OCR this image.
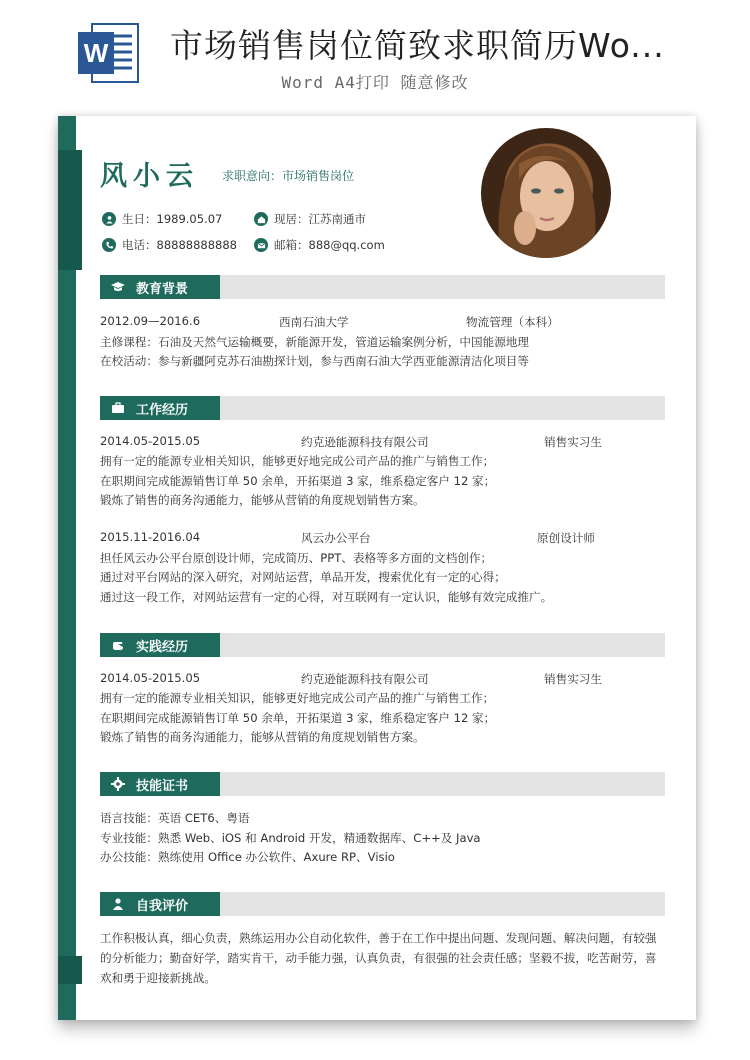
W 市场销售岗位简致求职简历Wo...
Word A4打印 随意修改
风小云 求职意向：市场销售岗位
生日：1989.05.07	现居：江苏南通市
电话：88888888888	邮箱：888@qq.com
教育背景
2012.09—2016.6	西南石油大学	物流管理（本科）
主修课程：石油及天然气运输概要，新能源开发，管道运输案例分析，中国能源地理
在校活动：参与新疆阿克苏石油勘探计划，参与西南石油大学西亚能源清洁化项目等
工作经历
2014.05-2015.05	约克逊能源科技有限公司	销售实习生
拥有一定的能源专业相关知识，能够更好地完成公司产品的推广与销售工作；
在职期间完成能源销售订单 50 余单，开拓渠道 3 家，维系稳定客户 12 家；
锻炼了销售的商务沟通能力，能够从营销的角度规划销售方案。
2015.11-2016.04	风云办公平台	原创设计师
担任风云办公平台原创设计师，完成简历、PPT、表格等多方面的文档创作；
通过对平台网站的深入研究，对网站运营，单品开发，搜索优化有一定的心得；
通过这一段工作，对网站运营有一定的心得，对互联网有一定认识，能够有效完成推广。
实践经历
2014.05-2015.05	约克逊能源科技有限公司	销售实习生
拥有一定的能源专业相关知识，能够更好地完成公司产品的推广与销售工作；
在职期间完成能源销售订单 50 余单，开拓渠道 3 家，维系稳定客户 12 家；
锻炼了销售的商务沟通能力，能够从营销的角度规划销售方案。
技能证书
语言技能：英语 CET6、粤语
专业技能：熟悉 Web、iOS 和 Android 开发，精通数据库、C++及 Java
办公技能：熟练使用 Office 办公软件、Axure RP、Visio
自我评价
工作积极认真，细心负责，熟练运用办公自动化软件，善于在工作中提出问题、发现问题、解决问题，有较强的分析能力；勤奋好学，踏实肯干，动手能力强，认真负责，有很强的社会责任感；坚毅不拔，吃苦耐劳，喜欢和勇于迎接新挑战。
